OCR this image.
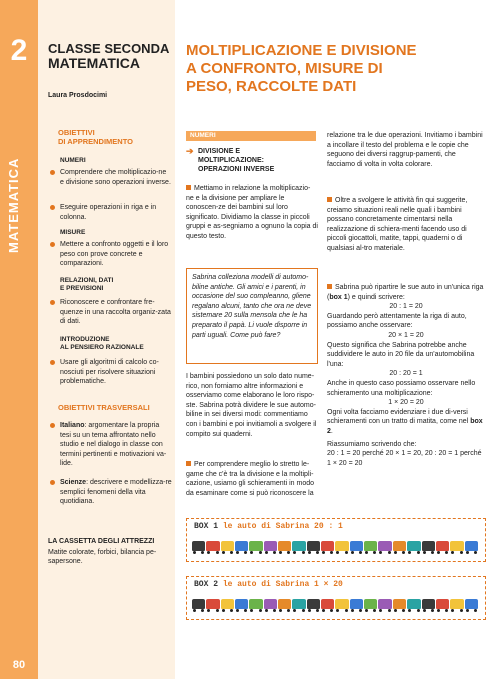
2
MATEMATICA
80
CLASSE SECONDA
MATEMATICA
Laura Prosdocimi
OBIETTIVI
DI APPRENDIMENTO
NUMERI
Comprendere che moltiplicazio-ne e divisione sono operazioni inverse.
Eseguire operazioni in riga e in colonna.
MISURE
Mettere a confronto oggetti e il loro peso con prove concrete e comparazioni.
RELAZIONI, DATI
E PREVISIONI
Riconoscere e confrontare fre-quenze in una raccolta organiz-zata di dati.
INTRODUZIONE
AL PENSIERO RAZIONALE
Usare gli algoritmi di calcolo co-nosciuti per risolvere situazioni problematiche.
OBIETTIVI TRASVERSALI
Italiano: argomentare la propria tesi su un tema affrontato nello studio e nel dialogo in classe con termini pertinenti e motivazioni va-lide.
Scienze: descrivere e modellizza-re semplici fenomeni della vita quotidiana.
LA CASSETTA DEGLI ATTREZZI
Matite colorate, forbici, bilancia pe-sapersone.
MOLTIPLICAZIONE E DIVISIONE
A CONFRONTO, MISURE DI
PESO, RACCOLTE DATI
NUMERI
➔ DIVISIONE E
MOLTIPLICAZIONE:
OPERAZIONI INVERSE
Mettiamo in relazione la moltiplicazio-ne e la divisione per ampliare le conoscen-ze dei bambini sul loro significato. Dividiamo la classe in piccoli gruppi e as-segniamo a ognuno la copia di questo testo.
Sabrina colleziona modelli di automo-biline antiche. Gli amici e i parenti, in occasione del suo compleanno, gliene regalano alcuni, tanto che ora ne deve sistemare 20 sulla mensola che le ha preparato il papà. Li vuole disporre in parti uguali. Come può fare?
I bambini possiedono un solo dato nume-rico, non forniamo altre informazioni e osserviamo come elaborano le loro rispo-ste. Sabrina potrà dividere le sue automo-biline in sei diversi modi: commentiamo con i bambini e poi invitiamoli a svolgere il compito sui quaderni.
Per comprendere meglio lo stretto le-game che c'è tra la divisione e la moltipli-cazione, usiamo gli schieramenti in modo da esaminare come si può riconoscere la
relazione tra le due operazioni. Invitiamo i bambini a incollare il testo del problema e le copie che seguono dei diversi raggrup-pamenti, che facciamo di volta in volta colorare.
Oltre a svolgere le attività fin qui suggerite, creiamo situazioni reali nelle quali i bambini possano concretamente cimentarsi nella realizzazione di schiera-menti facendo uso di piccoli giocattoli, matite, tappi, quaderni o di qualsiasi al-tro materiale.
Sabrina può ripartire le sue auto in un'unica riga (box 1) e quindi scrivere:
20 : 1 = 20
Guardando però attentamente la riga di auto, possiamo anche osservare:
20 × 1 = 20
Questo significa che Sabrina potrebbe anche suddividere le auto in 20 file da un'automobilina l'una:
20 : 20 = 1
Anche in questo caso possiamo osservare nello schieramento una moltiplicazione:
1 × 20 = 20
Ogni volta facciamo evidenziare i due di-versi schieramenti con un tratto di matita, come nel box 2.
Riassumiamo scrivendo che:
20 : 1 = 20 perché 20 × 1 = 20, 20 : 20 = 1 perché 1 × 20 = 20
BOX 1 le auto di Sabrina 20 : 1
BOX 2 le auto di Sabrina 1 × 20
